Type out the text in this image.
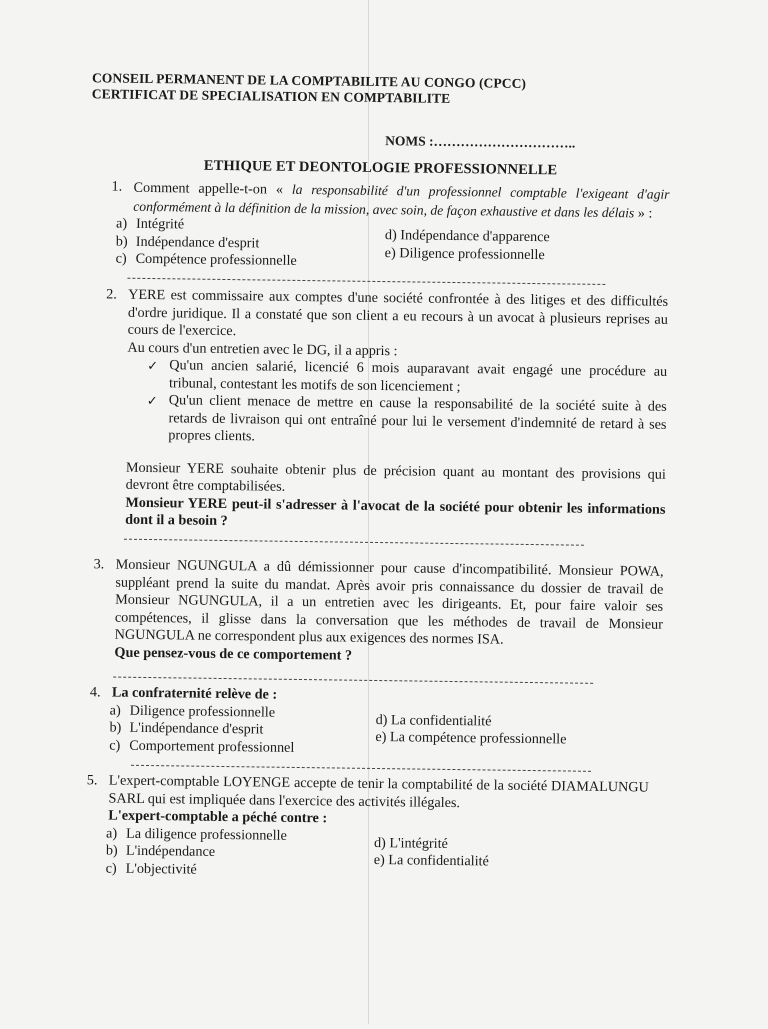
CONSEIL PERMANENT DE LA COMPTABILITE AU CONGO (CPCC)
CERTIFICAT DE SPECIALISATION EN COMPTABILITE
NOMS :…………………………..
ETHIQUE ET DEONTOLOGIE PROFESSIONNELLE
1. Comment appelle-t-on « la responsabilité d'un professionnel comptable l'exigeant d'agir conformément à la définition de la mission, avec soin, de façon exhaustive et dans les délais » :

a) Intégrité
b) Indépendance d'esprit
c) Compétence professionnelle
d) Indépendance d'apparence
e) Diligence professionnelle
2. YERE est commissaire aux comptes d'une société confrontée à des litiges et des difficultés d'ordre juridique. Il a constaté que son client a eu recours à un avocat à plusieurs reprises au cours de l'exercice.

Au cours d'un entretien avec le DG, il a appris :

✓ Qu'un ancien salarié, licencié 6 mois auparavant avait engagé une procédure au tribunal, contestant les motifs de son licenciement ;
✓ Qu'un client menace de mettre en cause la responsabilité de la société suite à des retards de livraison qui ont entraîné pour lui le versement d'indemnité de retard à ses propres clients.

Monsieur YERE souhaite obtenir plus de précision quant au montant des provisions qui devront être comptabilisées.

Monsieur YERE peut-il s'adresser à l'avocat de la société pour obtenir les informations dont il a besoin ?

3. Monsieur NGUNGULA a dû démissionner pour cause d'incompatibilité. Monsieur POWA, suppléant prend la suite du mandat. Après avoir pris connaissance du dossier de travail de Monsieur NGUNGULA, il a un entretien avec les dirigeants. Et, pour faire valoir ses compétences, il glisse dans la conversation que les méthodes de travail de Monsieur NGUNGULA ne correspondent plus aux exigences des normes ISA.

Que pensez-vous de ce comportement ?

4. La confraternité relève de :

a) Diligence professionnelle
b) L'indépendance d'esprit
c) Comportement professionnel
d) La confidentialité
e) La compétence professionnelle
5. L'expert-comptable LOYENGE accepte de tenir la comptabilité de la société DIAMALUNGU SARL qui est impliquée dans l'exercice des activités illégales.

L'expert-comptable a péché contre :

a) La diligence professionnelle
b) L'indépendance
c) L'objectivité
d) L'intégrité
e) La confidentialité
